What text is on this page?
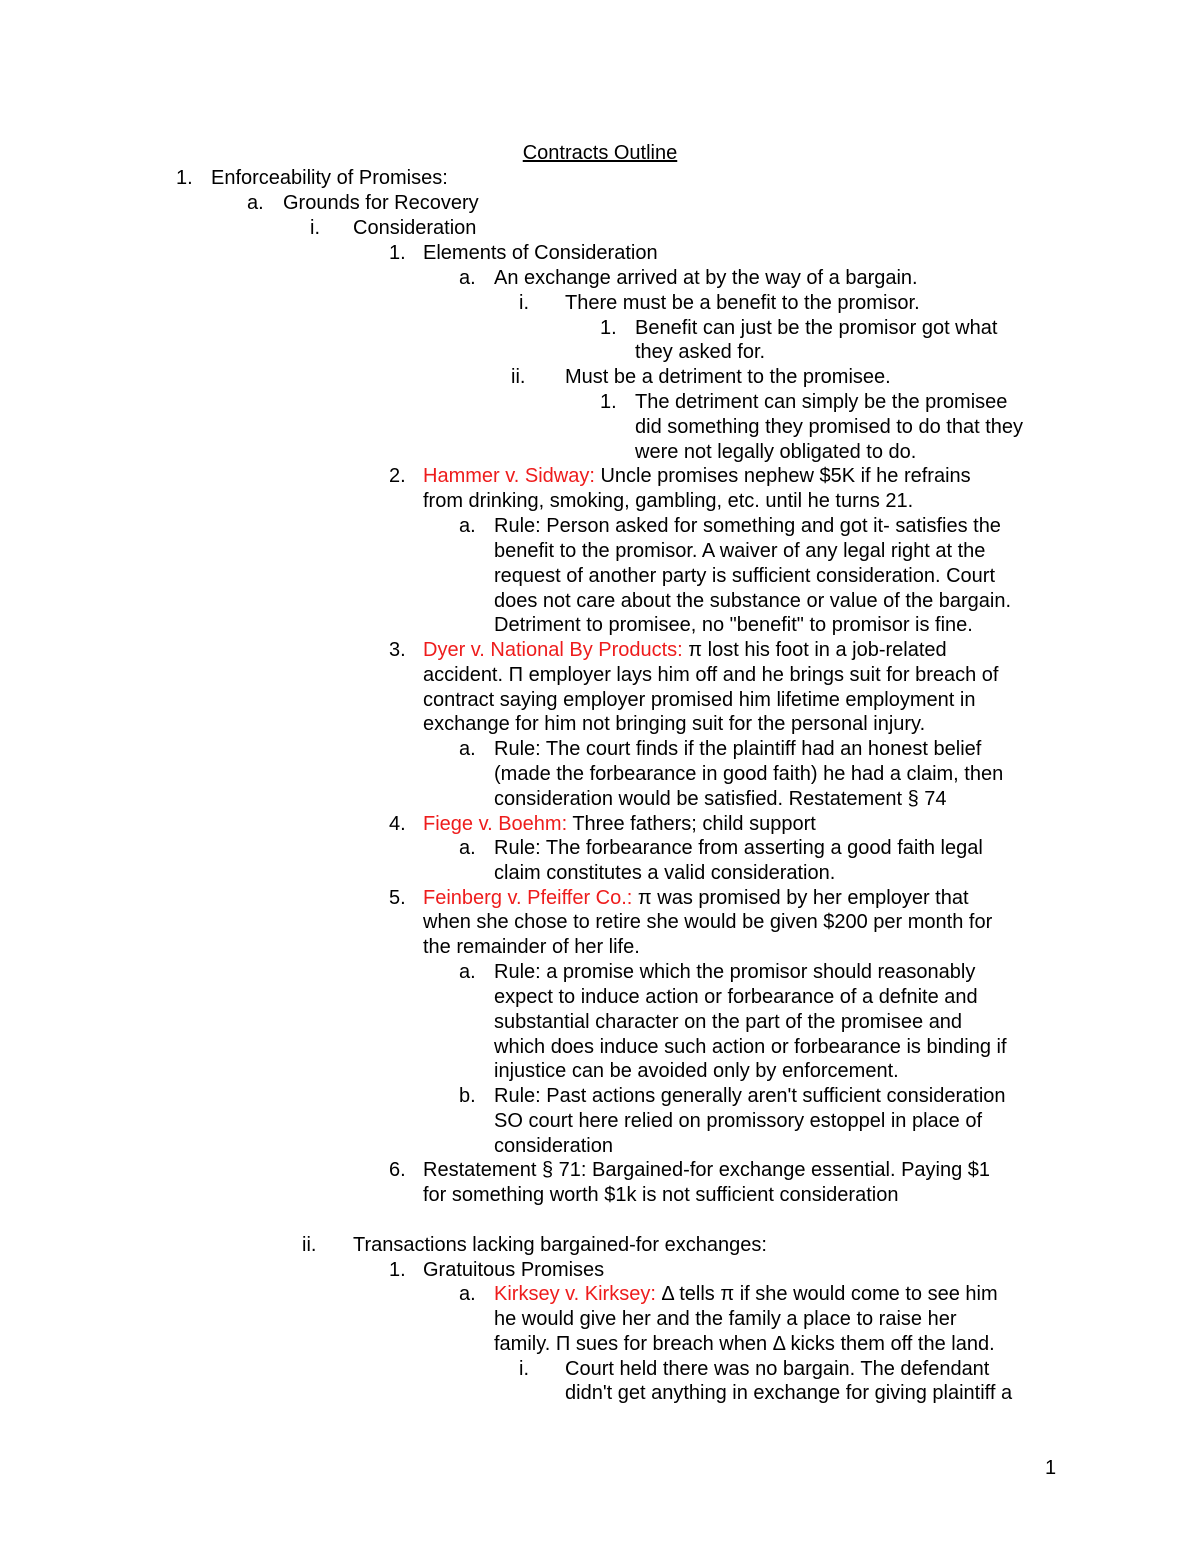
Contracts Outline
1. Enforceability of Promises:
a. Grounds for Recovery
i. Consideration
1. Elements of Consideration
a. An exchange arrived at by the way of a bargain.
i. There must be a benefit to the promisor.
1. Benefit can just be the promisor got what
they asked for.
ii. Must be a detriment to the promisee.
1. The detriment can simply be the promisee
did something they promised to do that they
were not legally obligated to do.
2. Hammer v. Sidway: Uncle promises nephew $5K if he refrains
from drinking, smoking, gambling, etc. until he turns 21.
a. Rule: Person asked for something and got it- satisfies the
benefit to the promisor. A waiver of any legal right at the
request of another party is sufficient consideration. Court
does not care about the substance or value of the bargain.
Detriment to promisee, no "benefit" to promisor is fine.
3. Dyer v. National By Products: π lost his foot in a job-related
accident. Π employer lays him off and he brings suit for breach of
contract saying employer promised him lifetime employment in
exchange for him not bringing suit for the personal injury.
a. Rule: The court finds if the plaintiff had an honest belief
(made the forbearance in good faith) he had a claim, then
consideration would be satisfied. Restatement § 74
4. Fiege v. Boehm: Three fathers; child support
a. Rule: The forbearance from asserting a good faith legal
claim constitutes a valid consideration.
5. Feinberg v. Pfeiffer Co.: π was promised by her employer that
when she chose to retire she would be given $200 per month for
the remainder of her life.
a. Rule: a promise which the promisor should reasonably
expect to induce action or forbearance of a defnite and
substantial character on the part of the promisee and
which does induce such action or forbearance is binding if
injustice can be avoided only by enforcement.
b. Rule: Past actions generally aren't sufficient consideration
SO court here relied on promissory estoppel in place of
consideration
6. Restatement § 71: Bargained-for exchange essential. Paying $1
for something worth $1k is not sufficient consideration
ii. Transactions lacking bargained-for exchanges:
1. Gratuitous Promises
a. Kirksey v. Kirksey: Δ tells π if she would come to see him
he would give her and the family a place to raise her
family. Π sues for breach when Δ kicks them off the land.
i. Court held there was no bargain. The defendant
didn't get anything in exchange for giving plaintiff a
1
